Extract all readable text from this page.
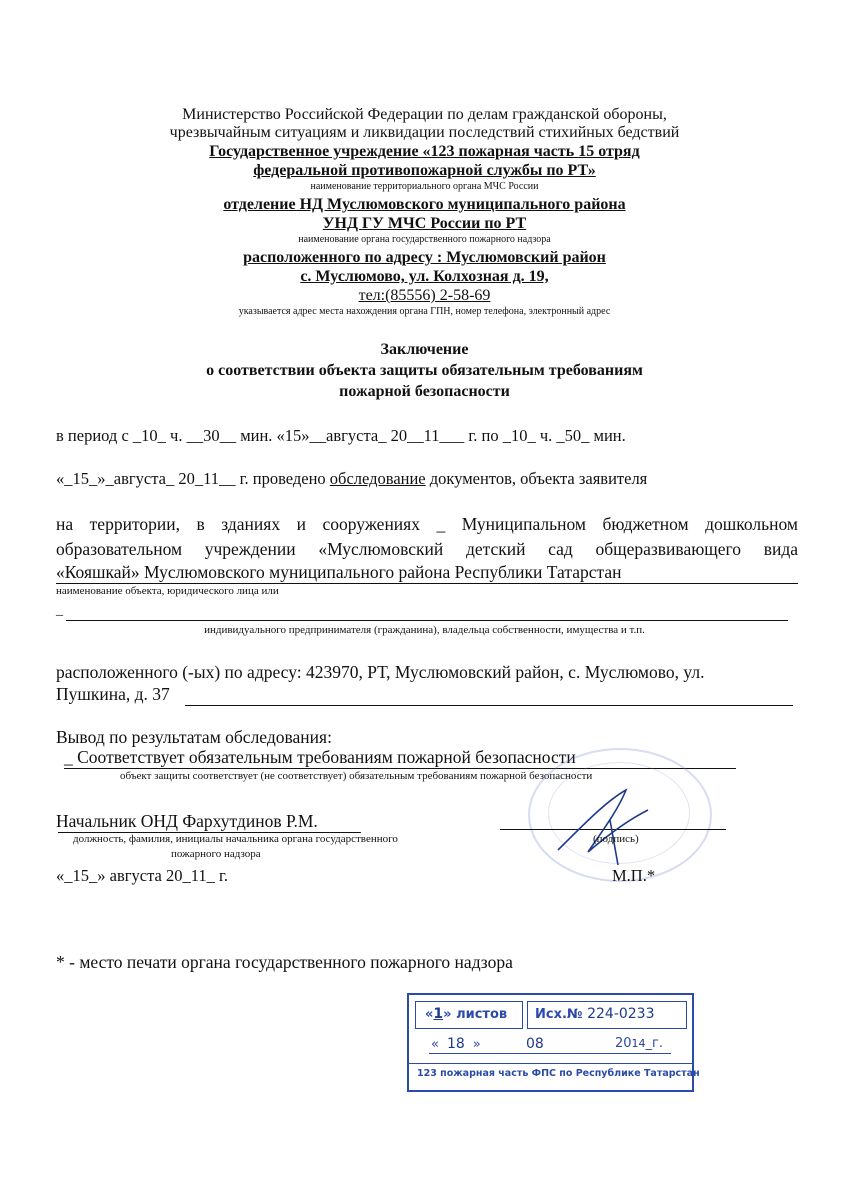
Министерство Российской Федерации по делам гражданской обороны,
чрезвычайным ситуациям и ликвидации последствий стихийных бедствий
Государственное учреждение «123 пожарная часть 15 отряд
федеральной противопожарной службы по РТ»
наименование территориального органа МЧС России
отделение НД Муслюмовского муниципального района
УНД ГУ МЧС России по РТ
наименование органа государственного пожарного надзора
расположенного по адресу : Муслюмовский район
с. Муслюмово, ул. Колхозная д. 19,
тел:(85556) 2-58-69
указывается адрес места нахождения органа ГПН, номер телефона, электронный адрес
Заключение
о соответствии объекта защиты обязательным требованиям
пожарной безопасности
в период с _10_ ч. __30__ мин. «15»__августа_ 20__11___ г. по _10_ ч. _50_ мин.
«_15_»_августа_ 20_11__ г. проведено обследование документов, объекта заявителя
на территории, в зданиях и сооружениях _ Муниципальном бюджетном дошкольном
образовательном учреждении «Муслюмовский детский сад общеразвивающего вида
«Кояшкай» Муслюмовского муниципального района Республики Татарстан
наименование объекта, юридического лица или
_
индивидуального предпринимателя (гражданина), владельца собственности, имущества и т.п.
расположенного (-ых) по адресу: 423970, РТ, Муслюмовский район, с. Муслюмово, ул.
Пушкина, д. 37
Вывод по результатам обследования:
_ Соответствует обязательным требованиям пожарной безопасности
объект защиты соответствует (не соответствует) обязательным требованиям пожарной безопасности
Начальник ОНД Фархутдинов Р.М.
должность, фамилия, инициалы начальника органа государственного
пожарного надзора
(подпись)
«_15_» августа 20_11_ г.	М.П.*
* - место печати органа государственного пожарного надзора
«1» листов Исх.№ 224-0233
« 18 »	08	2014_г.
123 пожарная часть ФПС по Республике Татарстан
